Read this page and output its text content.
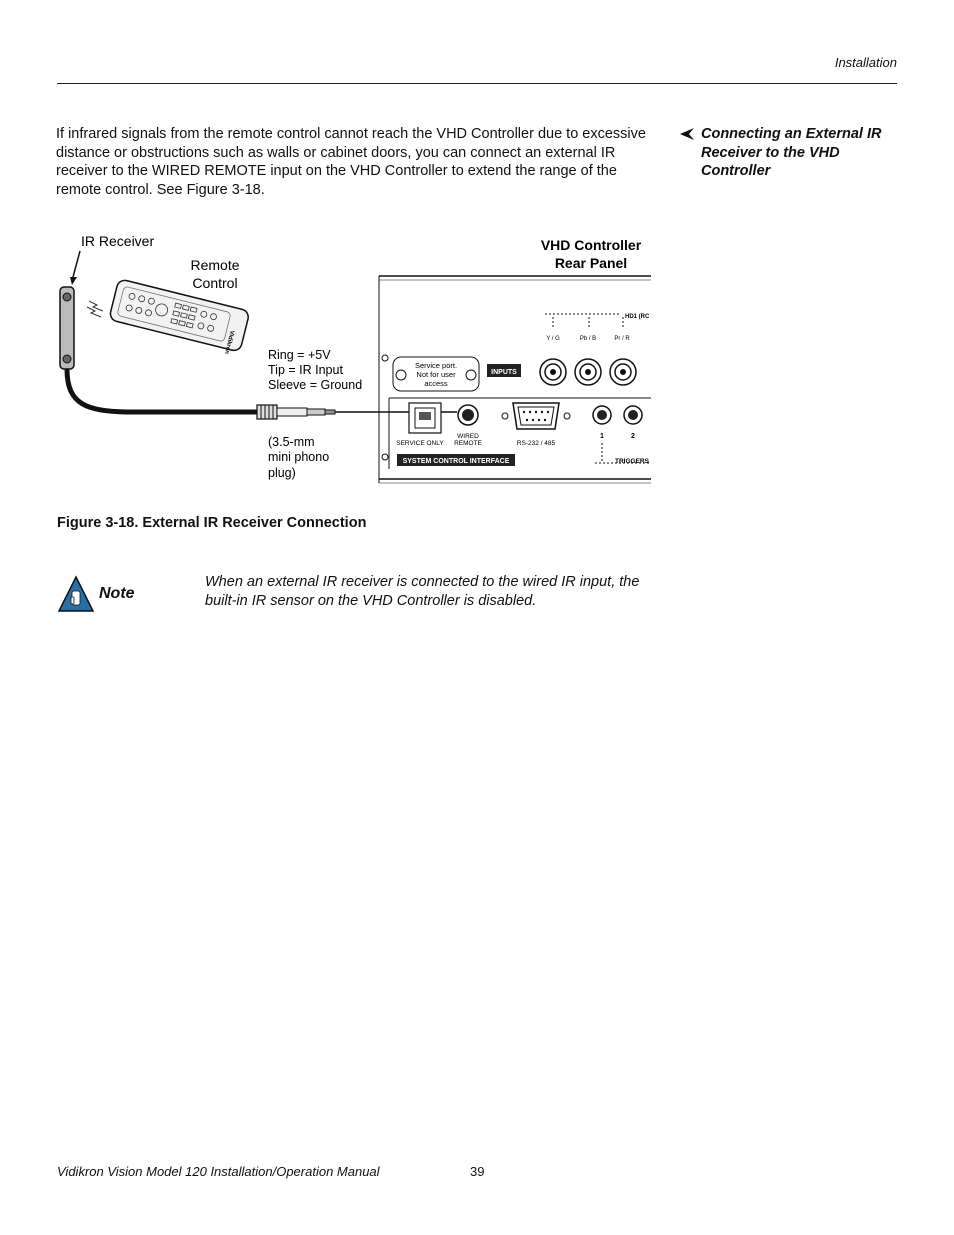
Installation
If infrared signals from the remote control cannot reach the VHD Controller due to excessive distance or obstructions such as walls or cabinet doors, you can connect an external IR receiver to the WIRED REMOTE input on the VHD Controller to extend the range of the remote control. See Figure 3-18.
Connecting an External IR Receiver to the VHD Controller
IR Receiver
Vidikron
Remote
Control
Ring = +5V
Tip = IR Input
Sleeve = Ground
(3.5-mm
mini phono
plug)
VHD Controller
Rear Panel
HD1 (RC
Y / G	Pb / B	Pr / R
Service port.
Not for user
access
INPUTS
SERVICE ONLY
WIRED
REMOTE	RS-232 / 485
1	2
TRIGGERS
SYSTEM CONTROL INTERFACE
Figure 3-18. External IR Receiver Connection
Note
When an external IR receiver is connected to the wired IR input, the built-in IR sensor on the VHD Controller is disabled.
Vidikron Vision Model 120 Installation/Operation Manual	39
